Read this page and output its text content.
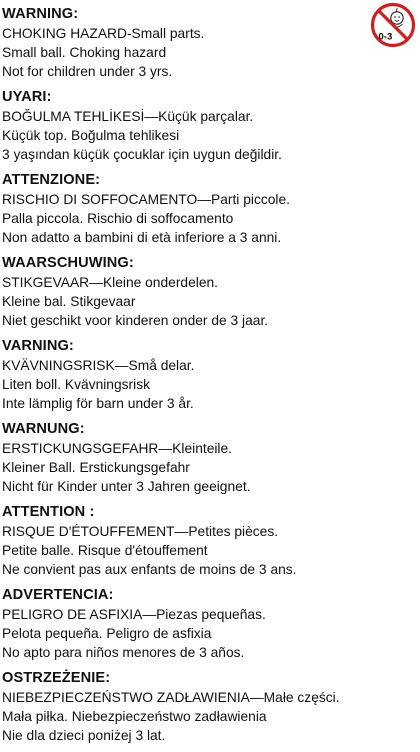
0-3
WARNING:
CHOKING HAZARD-Small parts.
Small ball. Choking hazard
Not for children under 3 yrs.
UYARI:
BOĞULMA TEHLİKESİ—Küçük parçalar.
Küçük top. Boğulma tehlikesi
3 yaşından küçük çocuklar için uygun değildir.
ATTENZIONE:
RISCHIO DI SOFFOCAMENTO—Parti piccole.
Palla piccola. Rischio di soffocamento
Non adatto a bambini di età inferiore a 3 anni.
WAARSCHUWING:
STIKGEVAAR—Kleine onderdelen.
Kleine bal. Stikgevaar
Niet geschikt voor kinderen onder de 3 jaar.
VARNING:
KVÄVNINGSRISK—Små delar.
Liten boll. Kvävningsrisk
Inte lämplig för barn under 3 år.
WARNUNG:
ERSTICKUNGSGEFAHR—Kleinteile.
Kleiner Ball. Erstickungsgefahr
Nicht für Kinder unter 3 Jahren geeignet.
ATTENTION :
RISQUE D'ÉTOUFFEMENT—Petites pièces.
Petite balle. Risque d'étouffement
Ne convient pas aux enfants de moins de 3 ans.
ADVERTENCIA:
PELIGRO DE ASFIXIA—Piezas pequeñas.
Pelota pequeña. Peligro de asfixia
No apto para niños menores de 3 años.
OSTRZEŻENIE:
NIEBEZPIECZEŃSTWO ZADŁAWIENIA—Małe części.
Mała piłka. Niebezpieczeństwo zadławienia
Nie dla dzieci poniżej 3 lat.
